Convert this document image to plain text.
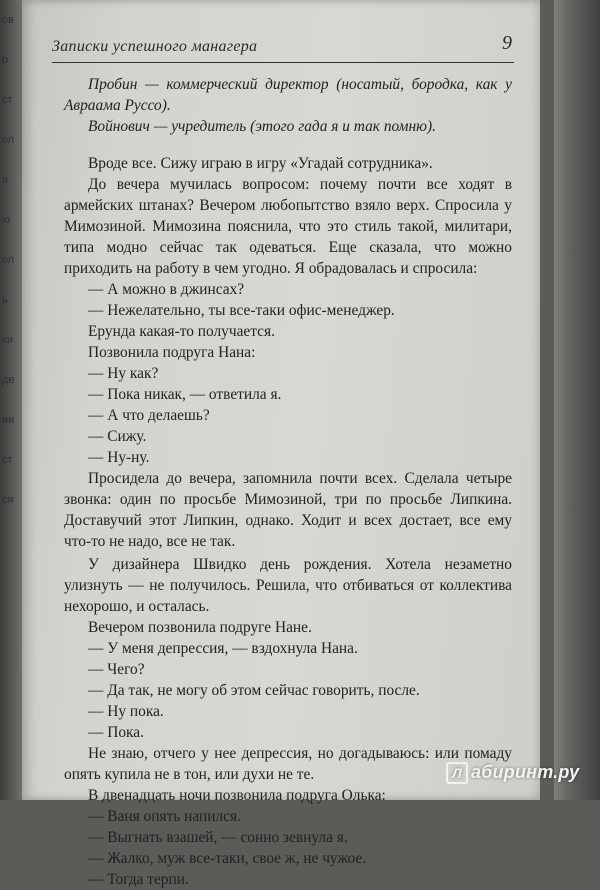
Записки успешного манагера	9

Пробин — коммерческий директор (носатый, бородка, как у Авраама Руссо).

Войнович — учредитель (этого гада я и так помню).

Вроде все. Сижу играю в игру «Угадай сотрудника».

До вечера мучилась вопросом: почему почти все ходят в армейских штанах? Вечером любопытство взяло верх. Спросила у Мимозиной. Мимозина пояснила, что это стиль такой, милитари, типа модно сейчас так одеваться. Еще сказала, что можно приходить на работу в чем угодно. Я обрадовалась и спросила:

— А можно в джинсах?

— Нежелательно, ты все-таки офис-менеджер.

Ерунда какая-то получается.

Позвонила подруга Нана:

— Ну как?

— Пока никак, — ответила я.

— А что делаешь?

— Сижу.

— Ну-ну.

Просидела до вечера, запомнила почти всех. Сделала четыре звонка: один по просьбе Мимозиной, три по просьбе Липкина. Доставучий этот Липкин, однако. Ходит и всех достает, все ему что-то не надо, все не так.

У дизайнера Швидко день рождения. Хотела незаметно улизнуть — не получилось. Решила, что отбиваться от коллектива нехорошо, и осталась.

Вечером позвонила подруге Нане.

— У меня депрессия, — вздохнула Нана.

— Чего?

— Да так, не могу об этом сейчас говорить, после.

— Ну пока.

— Пока.

Не знаю, отчего у нее депрессия, но догадываюсь: или помаду опять купила не в тон, или духи не те.

В двенадцать ночи позвонила подруга Олька:

— Ваня опять напился.

— Выгнать взашей, — сонно зевнула я.

— Жалко, муж все-таки, свое ж, не чужое.

— Тогда терпи.

ов
р
ст
ел
я
ю
ел
ь
ки
де
ии
ст
ся
Л абиринт.ру
